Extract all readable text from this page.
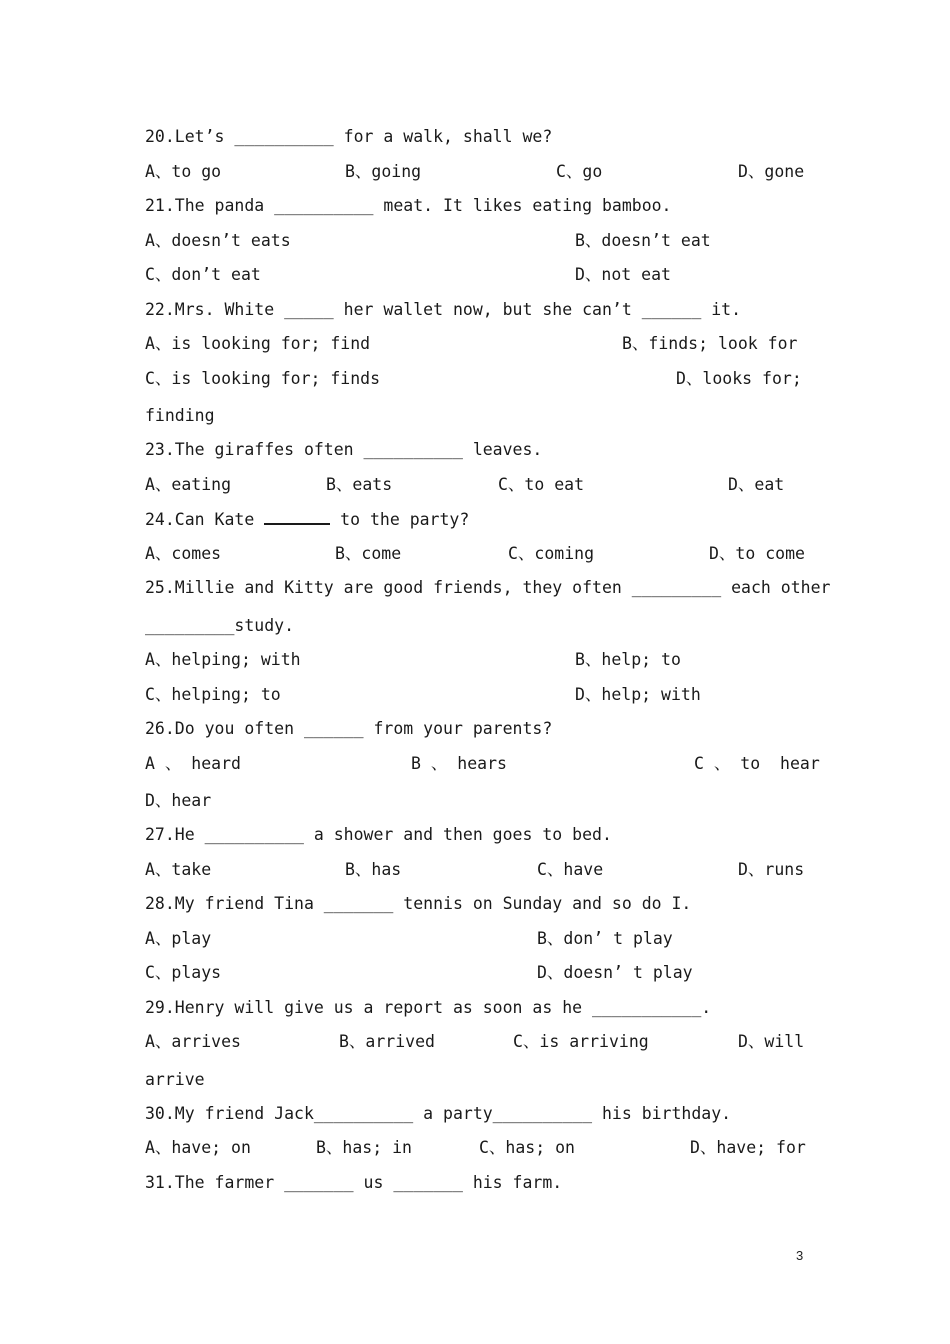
20.Let’s __________ for a walk, shall we?
A、to go	B、going	C、go	D、gone
21.The panda __________ meat. It likes eating bamboo.
A、doesn’t eats	B、doesn’t eat
C、don’t eat	D、not eat
22.Mrs. White _____ her wallet now, but she can’t ______ it.
A、is looking for; find	B、finds; look for
C、is looking for; finds	D、looks for;
finding
23.The giraffes often __________ leaves.
A、eating	B、eats	C、to eat	D、eat
24.Can Kate	to the party?
A、comes	B、come	C、coming	D、to come
25.Millie and Kitty are good friends, they often _________ each other
_________study.
A、helping; with	B、help; to
C、helping; to	D、help; with
26.Do you often ______ from your parents?
A 、 heard	B 、 hears	C 、 to  hear
D、hear
27.He __________ a shower and then goes to bed.
A、take	B、has	C、have	D、runs
28.My friend Tina _______ tennis on Sunday and so do I.
A、play	B、don’ t play
C、plays	D、doesn’ t play
29.Henry will give us a report as soon as he ___________.
A、arrives	B、arrived	C、is arriving	D、will
arrive
30.My friend Jack__________ a party__________ his birthday.
A、have; on	B、has; in	C、has; on	D、have; for
31.The farmer _______ us _______ his farm.
3
